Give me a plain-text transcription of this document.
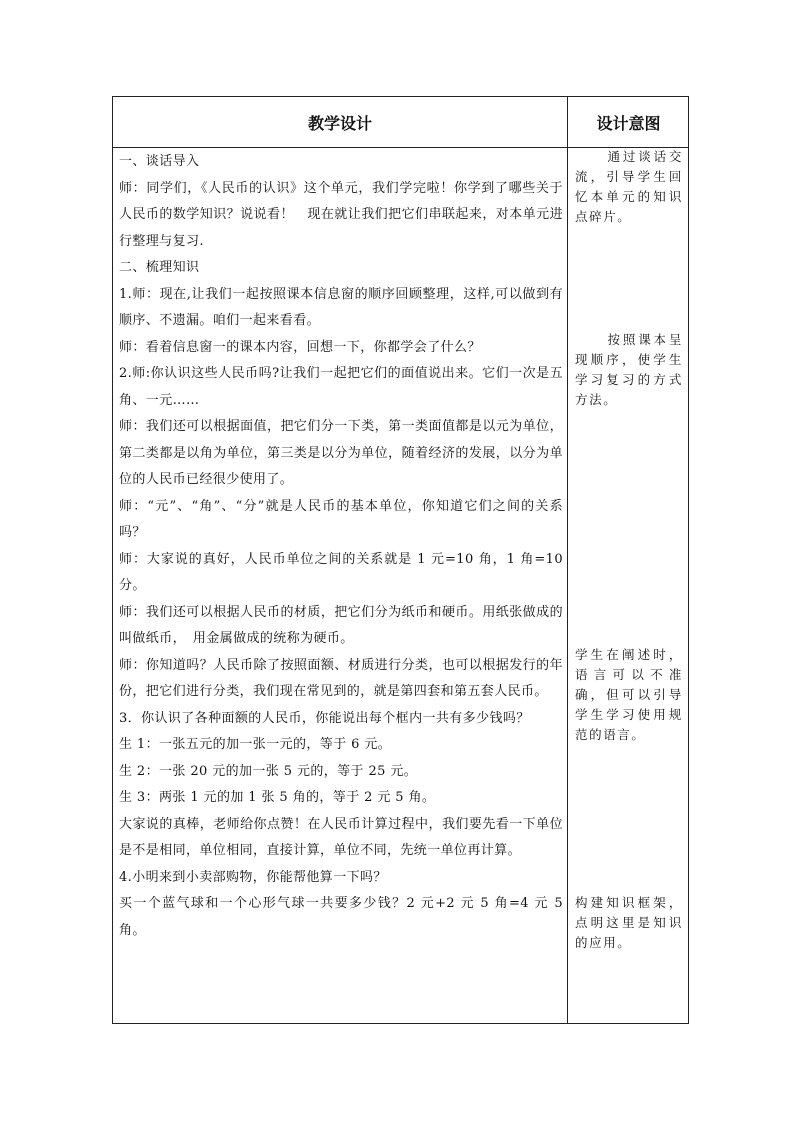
教学设计	设计意图

一、谈话导入

师：同学们，《人民币的认识》这个单元，我们学完啦！你学到了哪些关于人民币的数学知识？说说看！　现在就让我们把它们串联起来，对本单元进行整理与复习.

二、梳理知识

1.师：现在,让我们一起按照课本信息窗的顺序回顾整理，这样,可以做到有顺序、不遗漏。咱们一起来看看。

师：看着信息窗一的课本内容，回想一下，你都学会了什么？

2.师:你认识这些人民币吗?让我们一起把它们的面值说出来。它们一次是五角、一元……

师：我们还可以根据面值，把它们分一下类，第一类面值都是以元为单位，第二类都是以角为单位，第三类是以分为单位，随着经济的发展，以分为单位的人民币已经很少使用了。

师：“元”、“角”、“分”就是人民币的基本单位，你知道它们之间的关系吗？

师：大家说的真好，人民币单位之间的关系就是 1 元=10 角，1 角=10 分。

师：我们还可以根据人民币的材质，把它们分为纸币和硬币。用纸张做成的叫做纸币，　用金属做成的统称为硬币。

师：你知道吗？人民币除了按照面额、材质进行分类，也可以根据发行的年份，把它们进行分类，我们现在常见到的，就是第四套和第五套人民币。

3．你认识了各种面额的人民币，你能说出每个框内一共有多少钱吗？

生 1：一张五元的加一张一元的，等于 6 元。

生 2：一张 20 元的加一张 5 元的，等于 25 元。

生 3：两张 1 元的加 1 张 5 角的，等于 2 元 5 角。

大家说的真棒，老师给你点赞！在人民币计算过程中，我们要先看一下单位是不是相同，单位相同，直接计算，单位不同，先统一单位再计算。

4.小明来到小卖部购物，你能帮他算一下吗？

买一个蓝气球和一个心形气球一共要多少钱？2 元+2 元 5 角=4 元 5 角。

通过谈话交流，引导学生回忆本单元的知识点碎片。

按照课本呈现顺序，使学生学习复习的方式方法。

学生在阐述时，语言可以不准确，但可以引导学生学习使用规范的语言。

构建知识框架，点明这里是知识的应用。
